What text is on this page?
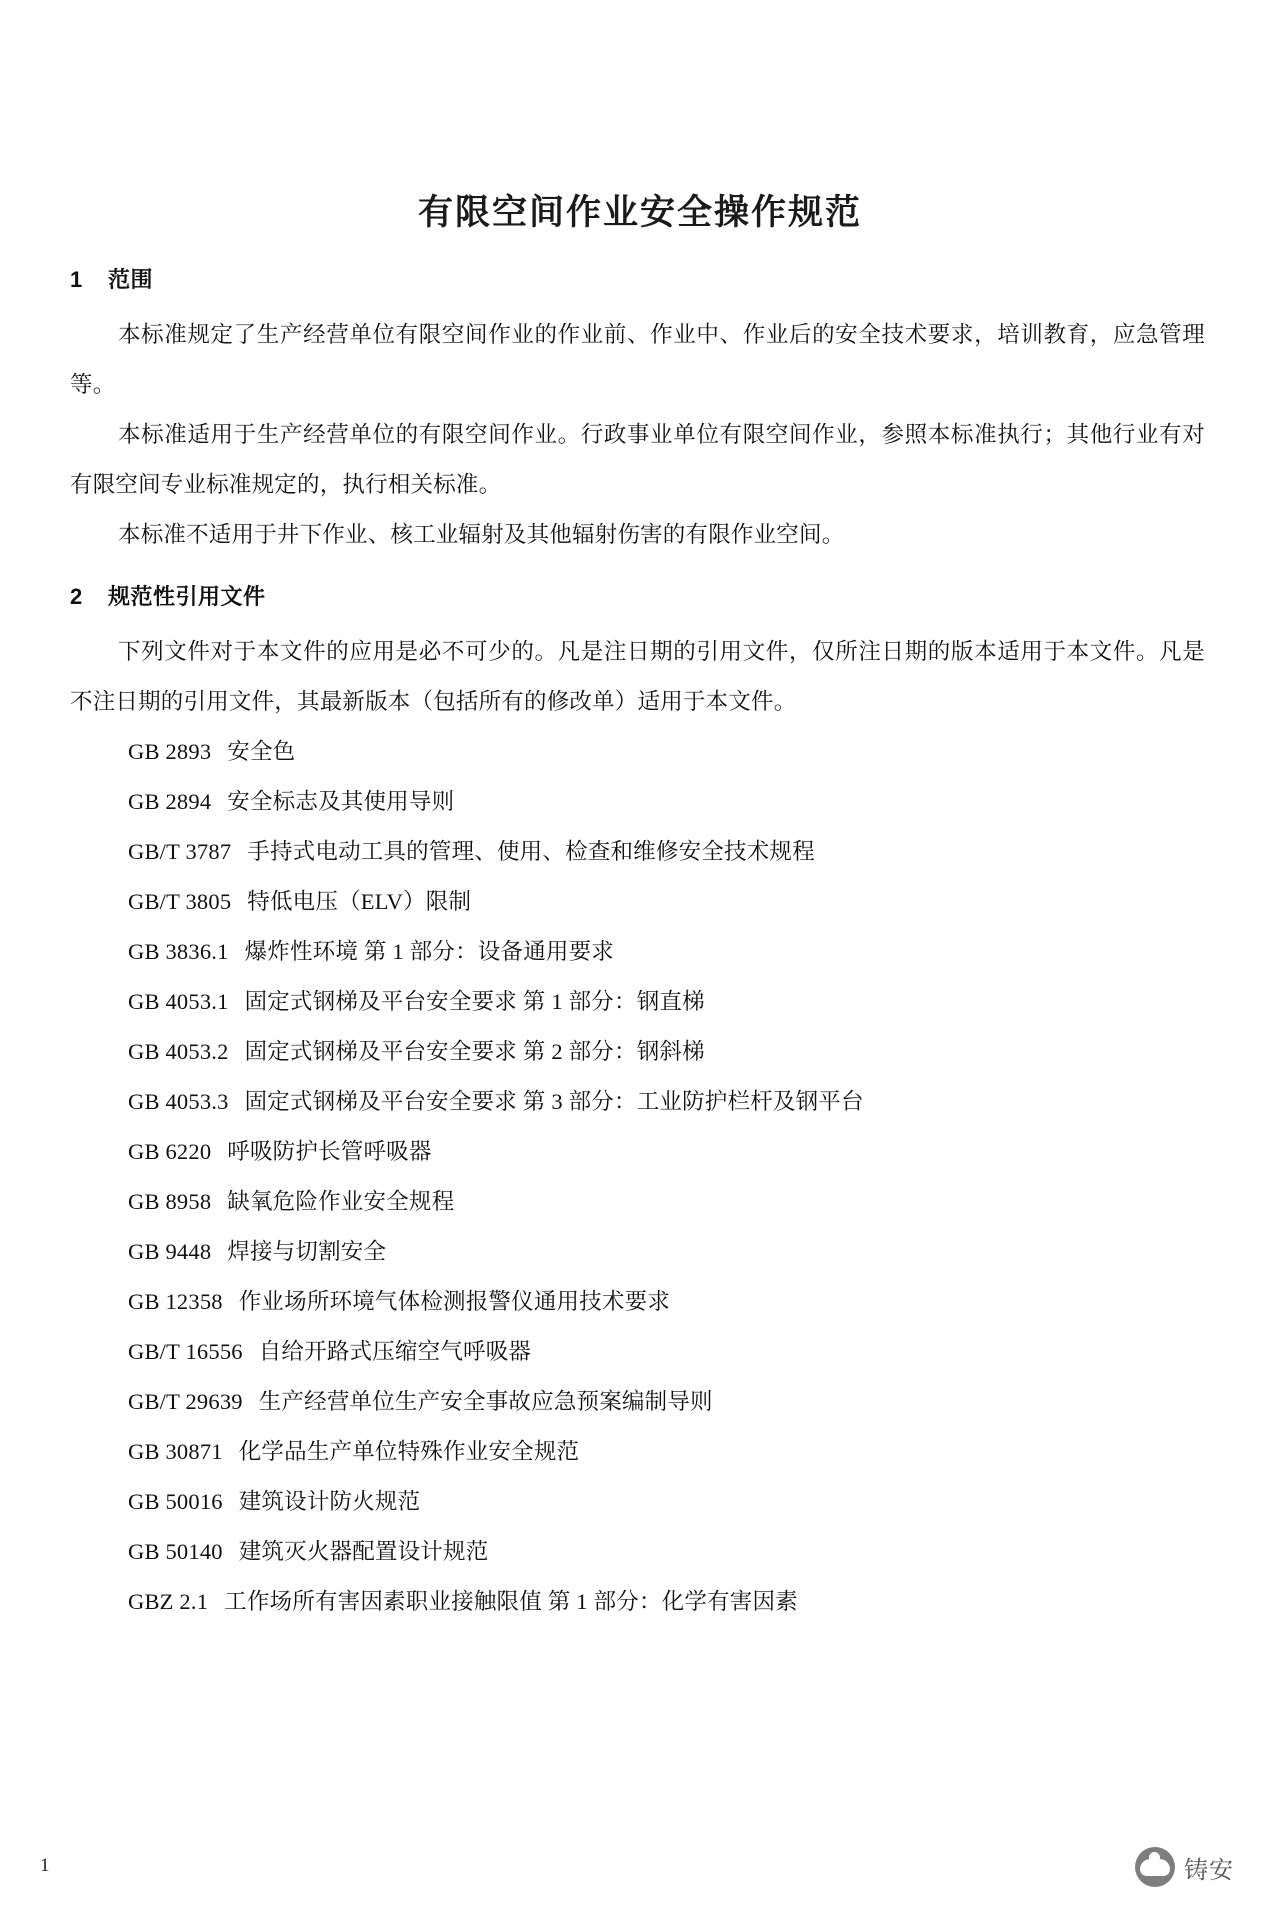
有限空间作业安全操作规范
1 范围

本标准规定了生产经营单位有限空间作业的作业前、作业中、作业后的安全技术要求，培训教育，应急管理等。

本标准适用于生产经营单位的有限空间作业。行政事业单位有限空间作业，参照本标准执行；其他行业有对有限空间专业标准规定的，执行相关标准。

本标准不适用于井下作业、核工业辐射及其他辐射伤害的有限作业空间。

2 规范性引用文件

下列文件对于本文件的应用是必不可少的。凡是注日期的引用文件，仅所注日期的版本适用于本文件。凡是不注日期的引用文件，其最新版本（包括所有的修改单）适用于本文件。

GB 2893 安全色
GB 2894 安全标志及其使用导则
GB/T 3787 手持式电动工具的管理、使用、检查和维修安全技术规程
GB/T 3805 特低电压（ELV）限制
GB 3836.1 爆炸性环境 第 1 部分：设备通用要求
GB 4053.1 固定式钢梯及平台安全要求 第 1 部分：钢直梯
GB 4053.2 固定式钢梯及平台安全要求 第 2 部分：钢斜梯
GB 4053.3 固定式钢梯及平台安全要求 第 3 部分：工业防护栏杆及钢平台
GB 6220 呼吸防护长管呼吸器
GB 8958 缺氧危险作业安全规程
GB 9448 焊接与切割安全
GB 12358 作业场所环境气体检测报警仪通用技术要求
GB/T 16556 自给开路式压缩空气呼吸器
GB/T 29639 生产经营单位生产安全事故应急预案编制导则
GB 30871 化学品生产单位特殊作业安全规范
GB 50016 建筑设计防火规范
GB 50140 建筑灭火器配置设计规范
GBZ 2.1 工作场所有害因素职业接触限值 第 1 部分：化学有害因素
1	铸安
